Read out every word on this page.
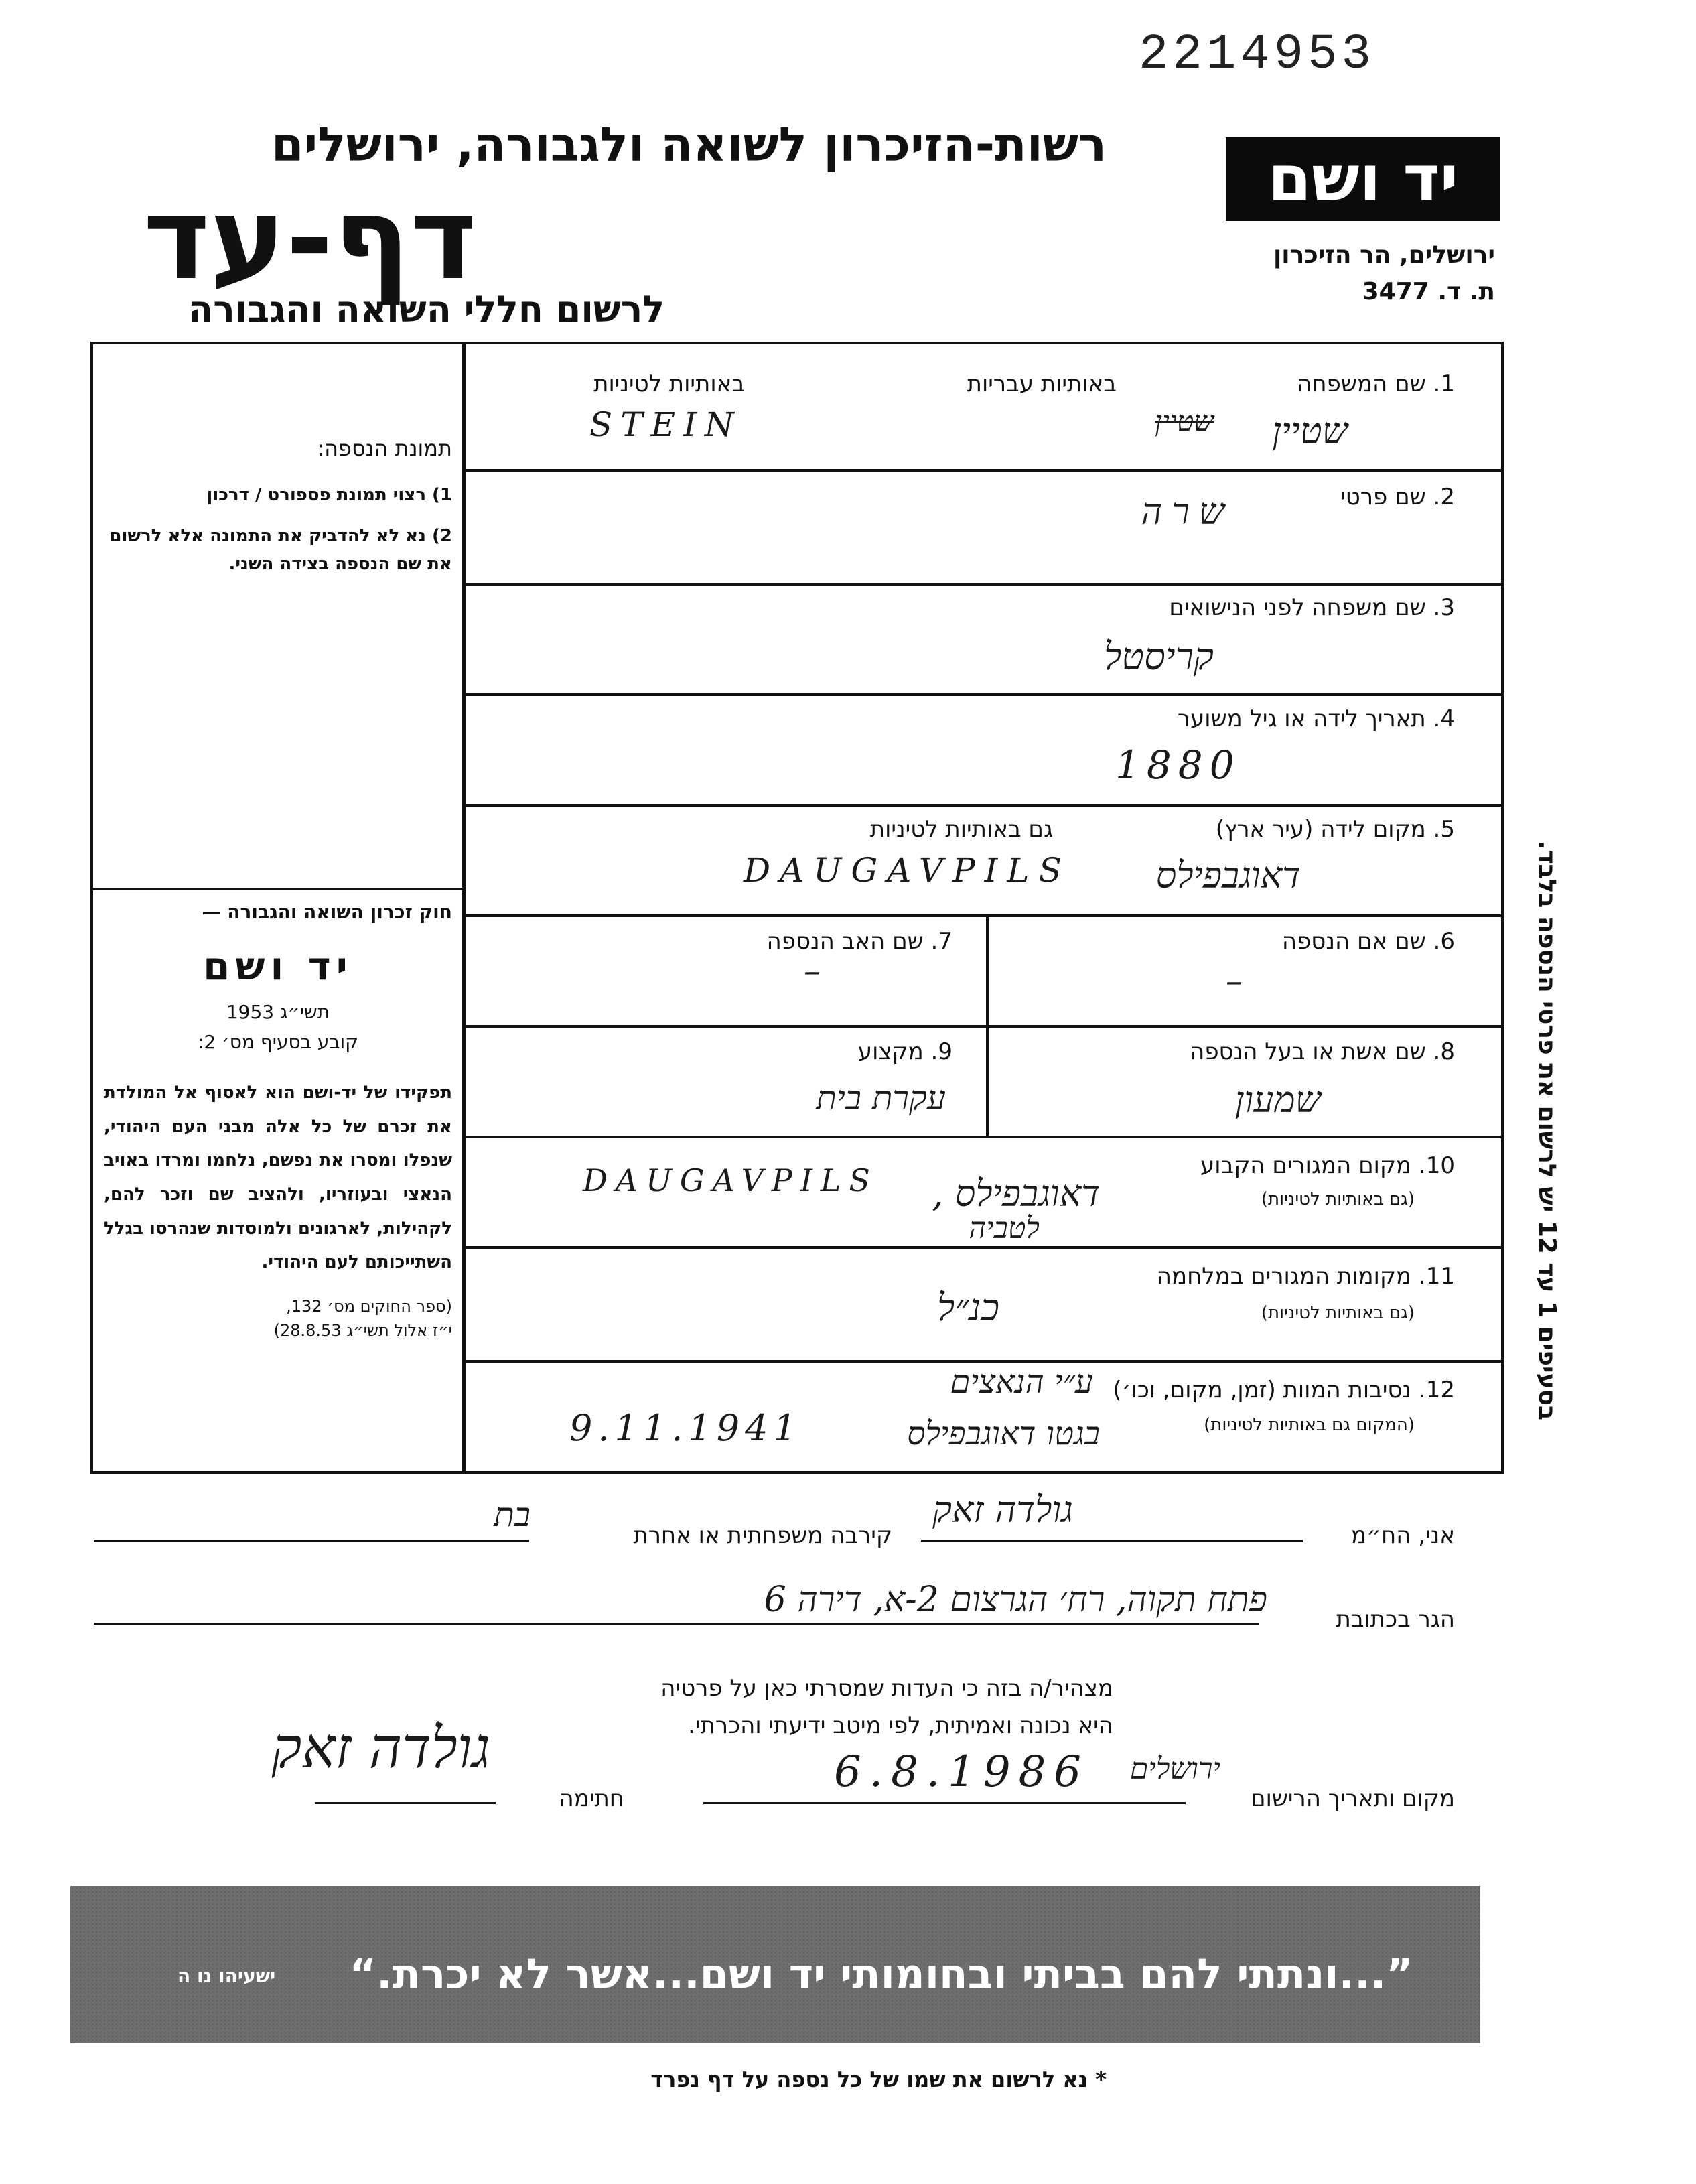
2214953
רשות-הזיכרון לשואה ולגבורה, ירושלים
דף-עד
לרשום חללי השואה והגבורה
יד ושם
ירושלים, הר הזיכרון
ת. ד. 3477
בסעיפים 1 עד 12 יש לרשום את פרטי הנספה בלבד.
תמונת הנספה:
1) רצוי תמונת פספורט / דרכון
2) נא לא להדביק את התמונה אלא לרשום את שם הנספה בצידה השני.
חוק זכרון השואה והגבורה —
יד ושם
תשי״ג 1953
קובע בסעיף מס׳ 2:
תפקידו של יד-ושם הוא לאסוף אל המולדת את זכרם של כל אלה מבני העם היהודי, שנפלו ומסרו את נפשם, נלחמו ומרדו באויב הנאצי ובעוזריו, ולהציב שם וזכר להם, לקהילות, לארגונים ולמוסדות שנהרסו בגלל השתייכותם לעם היהודי.
(ספר החוקים מס׳ 132,
י״ז אלול תשי״ג 28.8.53)
1. שם המשפחה
באותיות עבריות
באותיות לטיניות
שטיין
שטיין
STEIN
2. שם פרטי
שרה
3. שם משפחה לפני הנישואים
קריסטל
4. תאריך לידה או גיל משוער
1880
5. מקום לידה (עיר ארץ)
גם באותיות לטיניות
דאוגבפילס
DAUGAVPILS
6. שם אם הנספה
–
7. שם האב הנספה
–
8. שם אשת או בעל הנספה
שמעון
9. מקצוע
עקרת בית
10. מקום המגורים הקבוע
(גם באותיות לטיניות)
DAUGAVPILS דאוגבפילס ,
לטביה
11. מקומות המגורים במלחמה
(גם באותיות לטיניות)
כנ״ל
12. נסיבות המוות (זמן, מקום, וכו׳)
(המקום גם באותיות לטיניות)
ע״י הנאצים
9.11.1941	בגטו דאוגבפילס
אני, הח״מ
גולדה זאק
קירבה משפחתית או אחרת
בת
הגר בכתובת
פתח תקוה, רח׳ הגרצום 2-א, דירה 6
מצהיר/ה בזה כי העדות שמסרתי כאן על פרטיה
היא נכונה ואמיתית, לפי מיטב ידיעתי והכרתי.
מקום ותאריך הרישום
ירושלים
6.8.1986
חתימה
גולדה זאק
”...ונתתי להם בביתי ובחומותי יד ושם...אשר לא יכרת.“
ישעיהו נו ה
* נא לרשום את שמו של כל נספה על דף נפרד
